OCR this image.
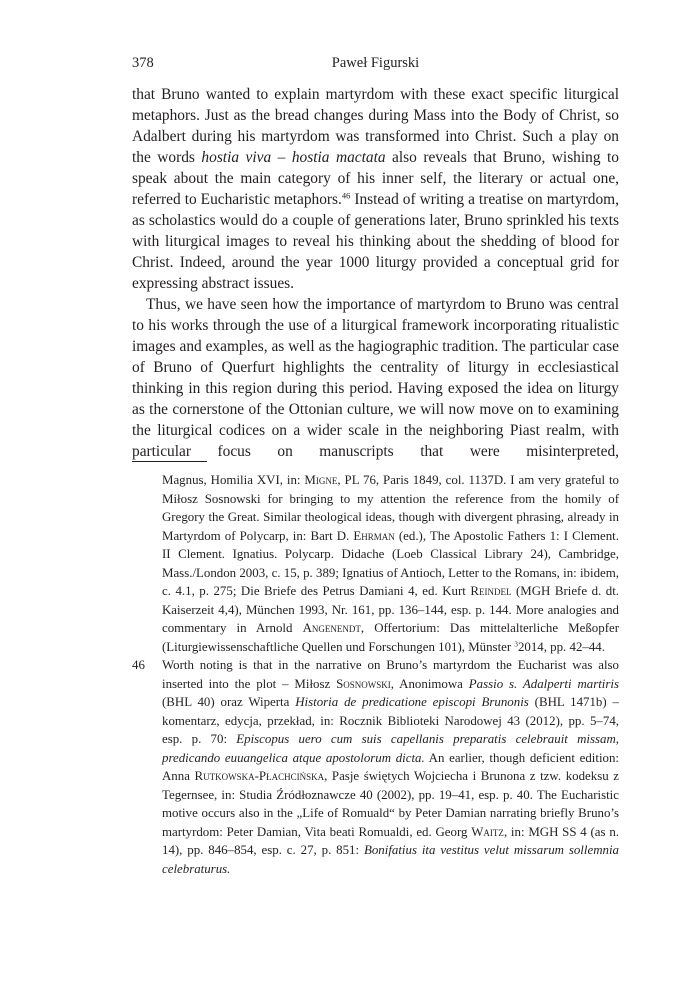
378	Paweł Figurski

that Bruno wanted to explain martyrdom with these exact specific liturgical metaphors. Just as the bread changes during Mass into the Body of Christ, so Adalbert during his martyrdom was transformed into Christ. Such a play on the words hostia viva – hostia mactata also reveals that Bruno, wishing to speak about the main category of his inner self, the literary or actual one, referred to Eucharistic metaphors.$^{46}$ Instead of writing a treatise on martyrdom, as scholastics would do a couple of generations later, Bruno sprinkled his texts with liturgical images to reveal his thinking about the shedding of blood for Christ. Indeed, around the year 1000 liturgy provided a conceptual grid for expressing abstract issues.

Thus, we have seen how the importance of martyrdom to Bruno was central to his works through the use of a liturgical framework incorporating ritualistic images and examples, as well as the hagiographic tradition. The particular case of Bruno of Querfurt highlights the centrality of liturgy in ecclesiastical thinking in this region during this period. Having exposed the idea on liturgy as the cornerstone of the Ottonian culture, we will now move on to examining the liturgical codices on a wider scale in the neighboring Piast realm, with particular focus on manuscripts that were misinterpreted,

Magnus, Homilia XVI, in: Migne, PL 76, Paris 1849, col. 1137D. I am very grateful to Miłosz Sosnowski for bringing to my attention the reference from the homily of Gregory the Great. Similar theological ideas, though with divergent phrasing, already in Martyrdom of Polycarp, in: Bart D. Ehrman (ed.), The Apostolic Fathers 1: I Clement. II Clement. Ignatius. Polycarp. Didache (Loeb Classical Library 24), Cambridge, Mass./London 2003, c. 15, p. 389; Ignatius of Antioch, Letter to the Romans, in: ibidem, c. 4.1, p. 275; Die Briefe des Petrus Damiani 4, ed. Kurt Reindel (MGH Briefe d. dt. Kaiserzeit 4,4), München 1993, Nr. 161, pp. 136–144, esp. p. 144. More analogies and commentary in Arnold Angenendt, Offertorium: Das mittelalterliche Meßopfer (Liturgiewissenschaftliche Quellen und Forschungen 101), Münster $^3$2014, pp. 42–44.

46 Worth noting is that in the narrative on Bruno’s martyrdom the Eucharist was also inserted into the plot – Miłosz Sosnowski, Anonimowa Passio s. Adalperti martiris (BHL 40) oraz Wiperta Historia de predicatione episcopi Brunonis (BHL 1471b) – komentarz, edycja, przekład, in: Rocznik Biblioteki Narodowej 43 (2012), pp. 5–74, esp. p. 70: Episcopus uero cum suis capellanis preparatis celebrauit missam, predicando euuangelica atque apostolorum dicta. An earlier, though deficient edition: Anna Rutkowska-Płachcińska, Pasje świętych Wojciecha i Brunona z tzw. kodeksu z Tegernsee, in: Studia Źródłoznawcze 40 (2002), pp. 19–41, esp. p. 40. The Eucharistic motive occurs also in the „Life of Romuald“ by Peter Damian narrating briefly Bruno’s martyrdom: Peter Damian, Vita beati Romualdi, ed. Georg Waitz, in: MGH SS 4 (as n. 14), pp. 846–854, esp. c. 27, p. 851: Bonifatius ita vestitus velut missarum sollemnia celebraturus.
